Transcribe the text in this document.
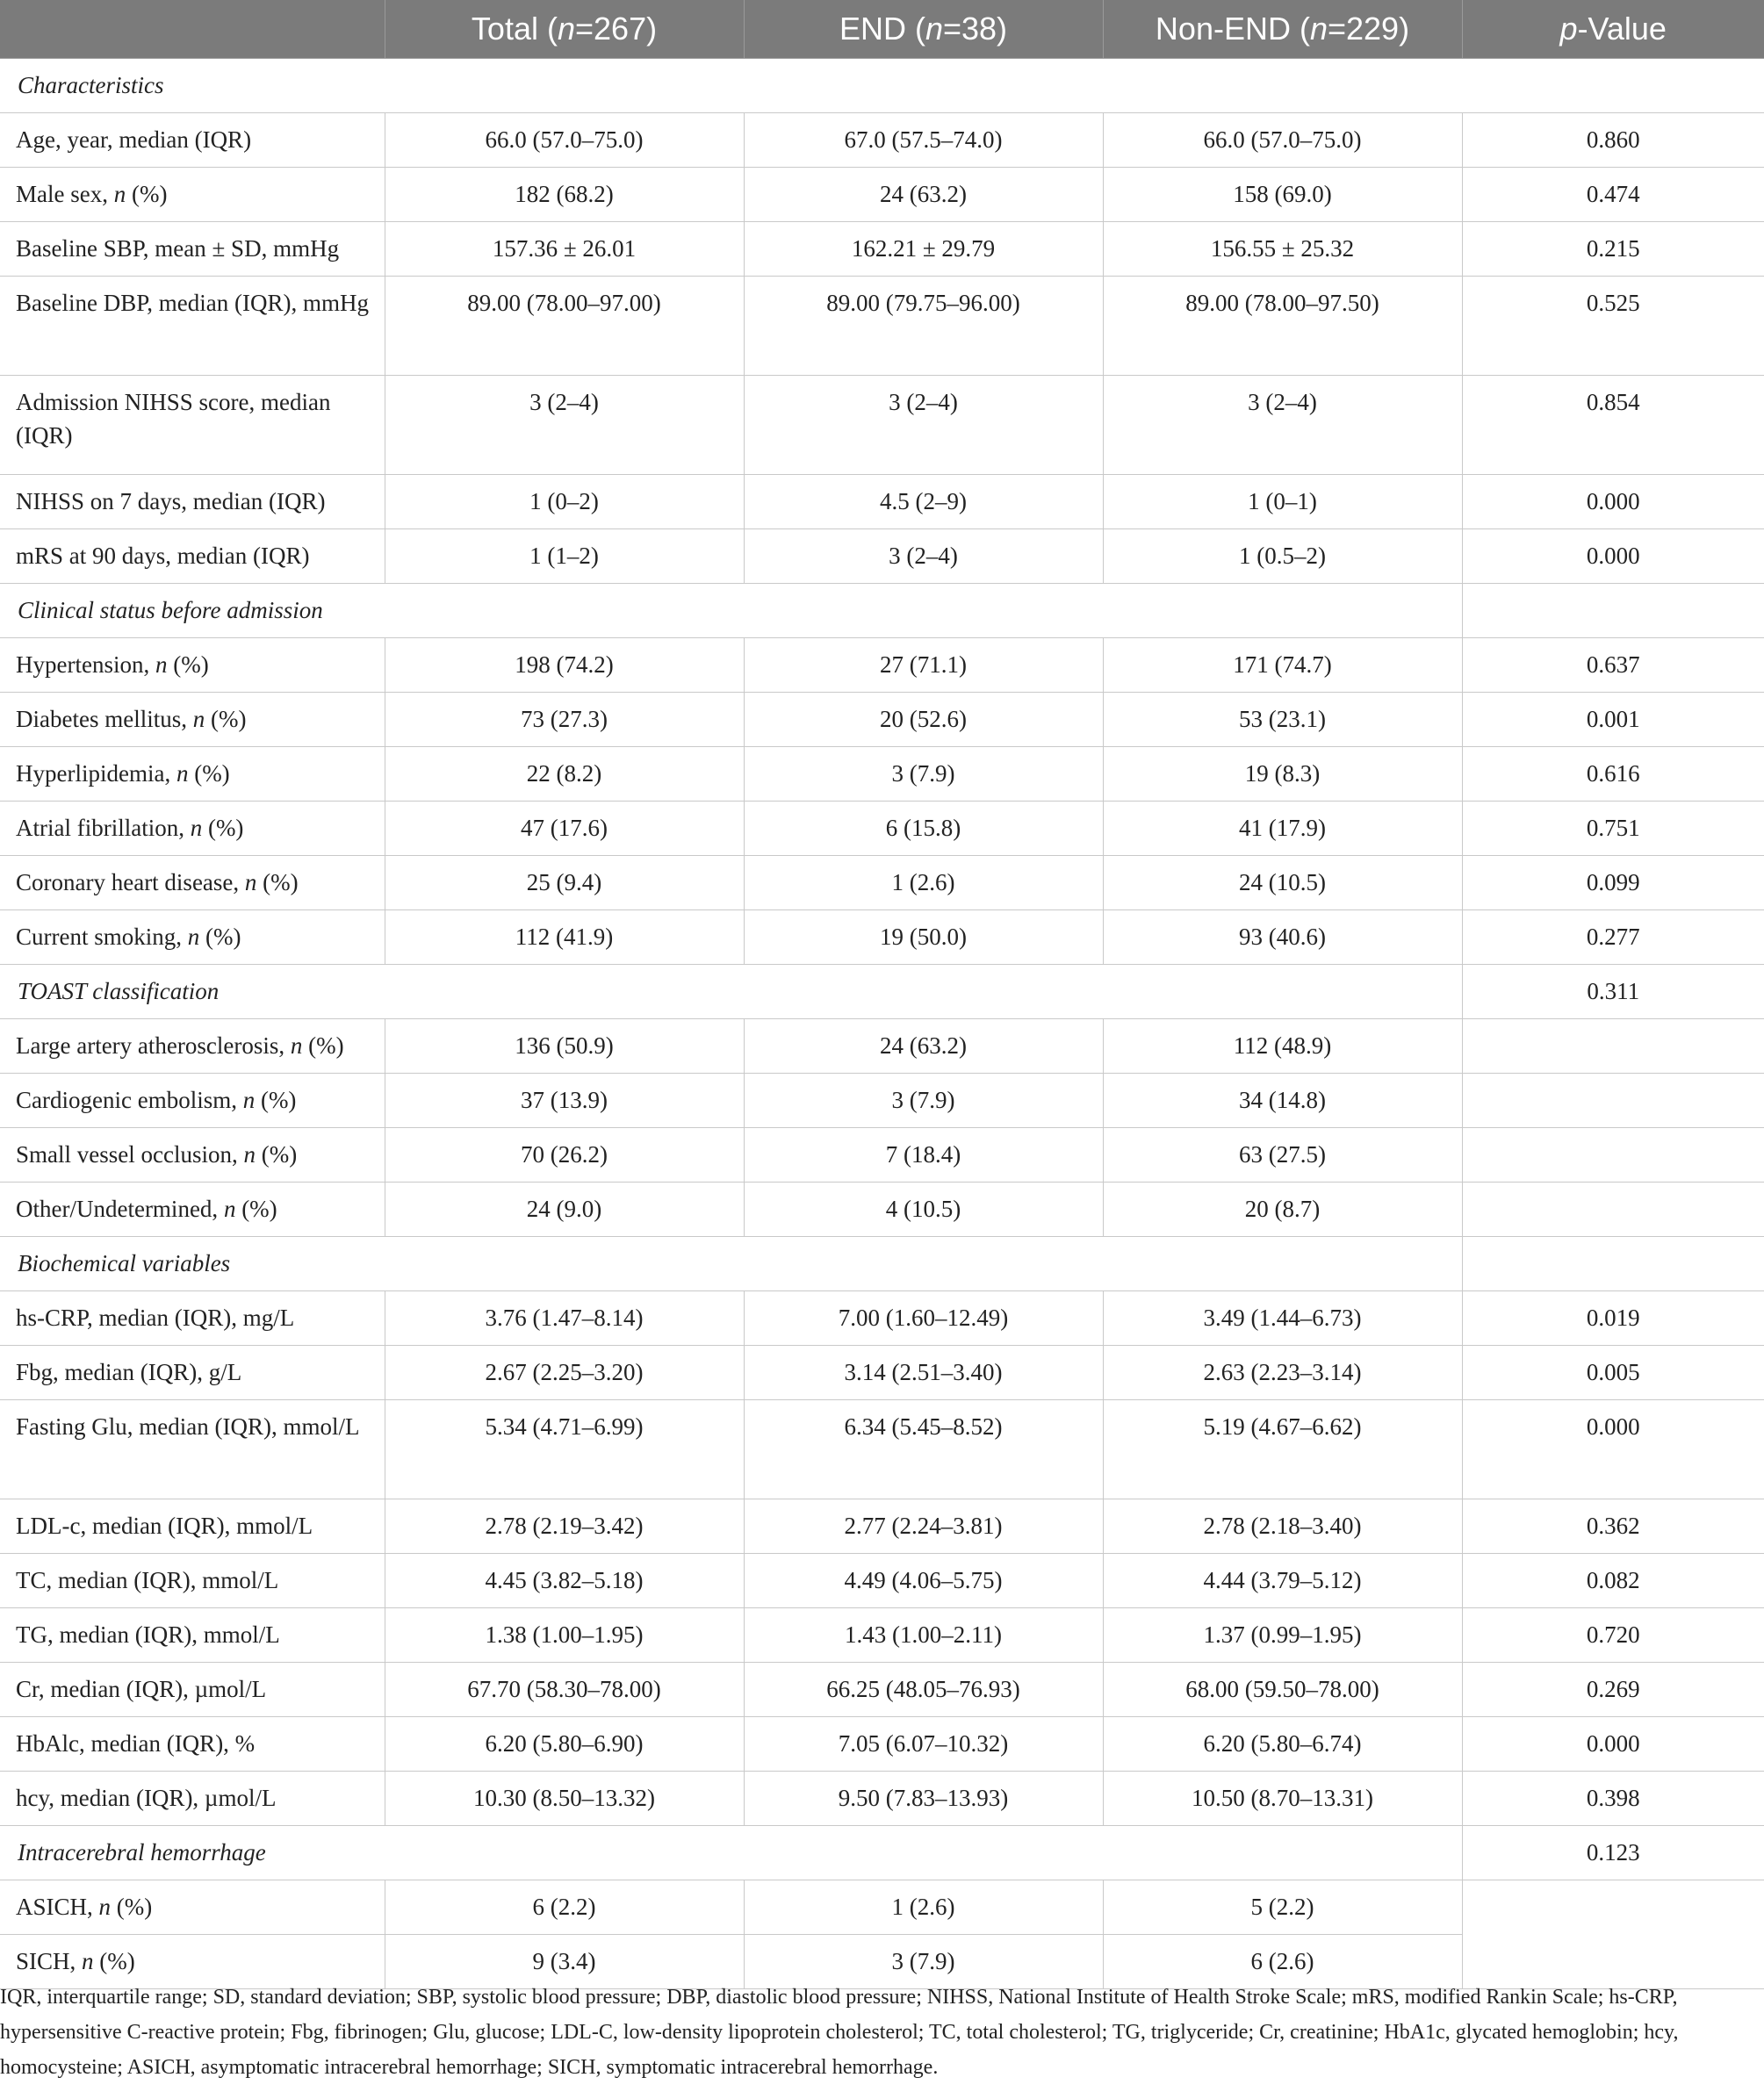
	Total (n=267)	END (n=38)	Non-END (n=229)	p-Value
Characteristics				
Age, year, median (IQR)	66.0 (57.0–75.0)	67.0 (57.5–74.0)	66.0 (57.0–75.0)	0.860
Male sex, n (%)	182 (68.2)	24 (63.2)	158 (69.0)	0.474
Baseline SBP, mean ± SD, mmHg	157.36 ± 26.01	162.21 ± 29.79	156.55 ± 25.32	0.215
Baseline DBP, median (IQR), mmHg	89.00 (78.00–97.00)	89.00 (79.75–96.00)	89.00 (78.00–97.50)	0.525
Admission NIHSS score, median (IQR)	3 (2–4)	3 (2–4)	3 (2–4)	0.854
NIHSS on 7 days, median (IQR)	1 (0–2)	4.5 (2–9)	1 (0–1)	0.000
mRS at 90 days, median (IQR)	1 (1–2)	3 (2–4)	1 (0.5–2)	0.000
Clinical status before admission				
Hypertension, n (%)	198 (74.2)	27 (71.1)	171 (74.7)	0.637
Diabetes mellitus, n (%)	73 (27.3)	20 (52.6)	53 (23.1)	0.001
Hyperlipidemia, n (%)	22 (8.2)	3 (7.9)	19 (8.3)	0.616
Atrial fibrillation, n (%)	47 (17.6)	6 (15.8)	41 (17.9)	0.751
Coronary heart disease, n (%)	25 (9.4)	1 (2.6)	24 (10.5)	0.099
Current smoking, n (%)	112 (41.9)	19 (50.0)	93 (40.6)	0.277
TOAST classification				0.311
Large artery atherosclerosis, n (%)	136 (50.9)	24 (63.2)	112 (48.9)	
Cardiogenic embolism, n (%)	37 (13.9)	3 (7.9)	34 (14.8)	
Small vessel occlusion, n (%)	70 (26.2)	7 (18.4)	63 (27.5)	
Other/Undetermined, n (%)	24 (9.0)	4 (10.5)	20 (8.7)	
Biochemical variables				
hs-CRP, median (IQR), mg/L	3.76 (1.47–8.14)	7.00 (1.60–12.49)	3.49 (1.44–6.73)	0.019
Fbg, median (IQR), g/L	2.67 (2.25–3.20)	3.14 (2.51–3.40)	2.63 (2.23–3.14)	0.005
Fasting Glu, median (IQR), mmol/L	5.34 (4.71–6.99)	6.34 (5.45–8.52)	5.19 (4.67–6.62)	0.000
LDL-c, median (IQR), mmol/L	2.78 (2.19–3.42)	2.77 (2.24–3.81)	2.78 (2.18–3.40)	0.362
TC, median (IQR), mmol/L	4.45 (3.82–5.18)	4.49 (4.06–5.75)	4.44 (3.79–5.12)	0.082
TG, median (IQR), mmol/L	1.38 (1.00–1.95)	1.43 (1.00–2.11)	1.37 (0.99–1.95)	0.720
Cr, median (IQR), µmol/L	67.70 (58.30–78.00)	66.25 (48.05–76.93)	68.00 (59.50–78.00)	0.269
HbAlc, median (IQR), %	6.20 (5.80–6.90)	7.05 (6.07–10.32)	6.20 (5.80–6.74)	0.000
hcy, median (IQR), µmol/L	10.30 (8.50–13.32)	9.50 (7.83–13.93)	10.50 (8.70–13.31)	0.398
Intracerebral hemorrhage				0.123
ASICH, n (%)	6 (2.2)	1 (2.6)	5 (2.2)	
SICH, n (%)	9 (3.4)	3 (7.9)	6 (2.6)	
IQR, interquartile range; SD, standard deviation; SBP, systolic blood pressure; DBP, diastolic blood pressure; NIHSS, National Institute of Health Stroke Scale; mRS, modified Rankin Scale; hs-CRP, hypersensitive C-reactive protein; Fbg, fibrinogen; Glu, glucose; LDL-C, low-density lipoprotein cholesterol; TC, total cholesterol; TG, triglyceride; Cr, creatinine; HbA1c, glycated hemoglobin; hcy, homocysteine; ASICH, asymptomatic intracerebral hemorrhage; SICH, symptomatic intracerebral hemorrhage.
